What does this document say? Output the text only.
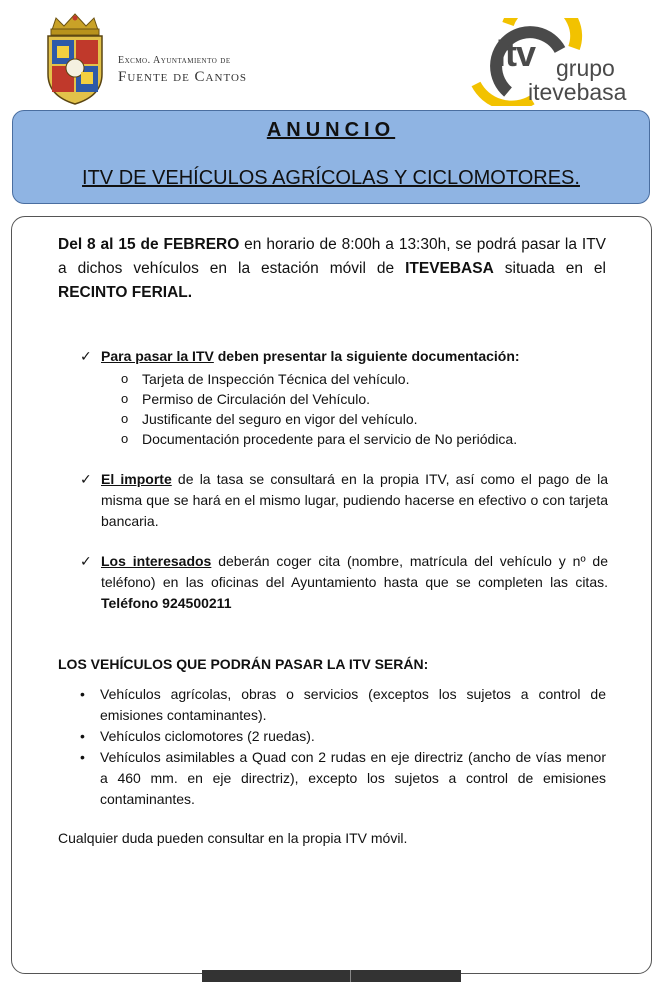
Excmo. Ayuntamiento de
Fuente de Cantos
itv grupo
itevebasa
ANUNCIO
ITV DE VEHÍCULOS AGRÍCOLAS Y CICLOMOTORES.
Del 8 al 15 de FEBRERO en horario de 8:00h a 13:30h, se podrá pasar la ITV a dichos vehículos en la estación móvil de ITEVEBASA situada en el RECINTO FERIAL.
✓ Para pasar la ITV deben presentar la siguiente documentación:
o Tarjeta de Inspección Técnica del vehículo.
o Permiso de Circulación del Vehículo.
o Justificante del seguro en vigor del vehículo.
o Documentación procedente para el servicio de No periódica.
✓ El importe de la tasa se consultará en la propia ITV, así como el pago de la misma que se hará en el mismo lugar, pudiendo hacerse en efectivo o con tarjeta bancaria.
✓ Los interesados deberán coger cita (nombre, matrícula del vehículo y nº de teléfono) en las oficinas del Ayuntamiento hasta que se completen las citas. Teléfono 924500211
LOS VEHÍCULOS QUE PODRÁN PASAR LA ITV SERÁN:
• Vehículos agrícolas, obras o servicios (exceptos los sujetos a control de emisiones contaminantes).
• Vehículos ciclomotores (2 ruedas).
• Vehículos asimilables a Quad con 2 rudas en eje directriz (ancho de vías menor a 460 mm. en eje directriz), excepto los sujetos a control de emisiones contaminantes.
Cualquier duda pueden consultar en la propia ITV móvil.
